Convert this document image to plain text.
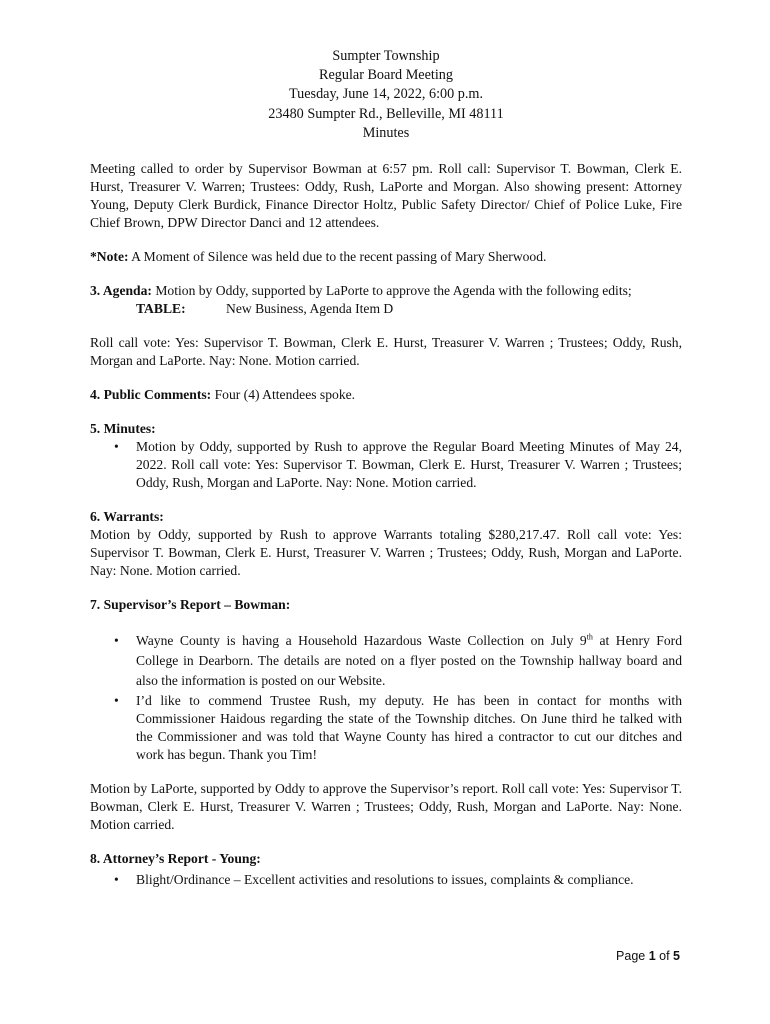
Sumpter Township
Regular Board Meeting
Tuesday, June 14, 2022, 6:00 p.m.
23480 Sumpter Rd., Belleville, MI 48111
Minutes

Meeting called to order by Supervisor Bowman at 6:57 pm. Roll call: Supervisor T. Bowman, Clerk E. Hurst, Treasurer V. Warren; Trustees: Oddy, Rush, LaPorte and Morgan. Also showing present: Attorney Young, Deputy Clerk Burdick, Finance Director Holtz, Public Safety Director/ Chief of Police Luke, Fire Chief Brown, DPW Director Danci and 12 attendees.

*Note: A Moment of Silence was held due to the recent passing of Mary Sherwood.

3. Agenda: Motion by Oddy, supported by LaPorte to approve the Agenda with the following edits;

TABLE:	New Business, Agenda Item D

Roll call vote: Yes: Supervisor T. Bowman, Clerk E. Hurst, Treasurer V. Warren ; Trustees; Oddy, Rush, Morgan and LaPorte. Nay: None. Motion carried.

4. Public Comments: Four (4) Attendees spoke.

5. Minutes:
• Motion by Oddy, supported by Rush to approve the Regular Board Meeting Minutes of May 24, 2022. Roll call vote: Yes: Supervisor T. Bowman, Clerk E. Hurst, Treasurer V. Warren ; Trustees; Oddy, Rush, Morgan and LaPorte. Nay: None. Motion carried.
6. Warrants:

Motion by Oddy, supported by Rush to approve Warrants totaling $280,217.47. Roll call vote: Yes: Supervisor T. Bowman, Clerk E. Hurst, Treasurer V. Warren ; Trustees; Oddy, Rush, Morgan and LaPorte. Nay: None. Motion carried.

7. Supervisor’s Report – Bowman:
• Wayne County is having a Household Hazardous Waste Collection on July 9th at Henry Ford College in Dearborn. The details are noted on a flyer posted on the Township hallway board and also the information is posted on our Website.
• I’d like to commend Trustee Rush, my deputy. He has been in contact for months with Commissioner Haidous regarding the state of the Township ditches. On June third he talked with the Commissioner and was told that Wayne County has hired a contractor to cut our ditches and work has begun. Thank you Tim!

Motion by LaPorte, supported by Oddy to approve the Supervisor’s report. Roll call vote: Yes: Supervisor T. Bowman, Clerk E. Hurst, Treasurer V. Warren ; Trustees; Oddy, Rush, Morgan and LaPorte. Nay: None. Motion carried.

8. Attorney’s Report - Young:
• Blight/Ordinance – Excellent activities and resolutions to issues, complaints & compliance.
Page 1 of 5
